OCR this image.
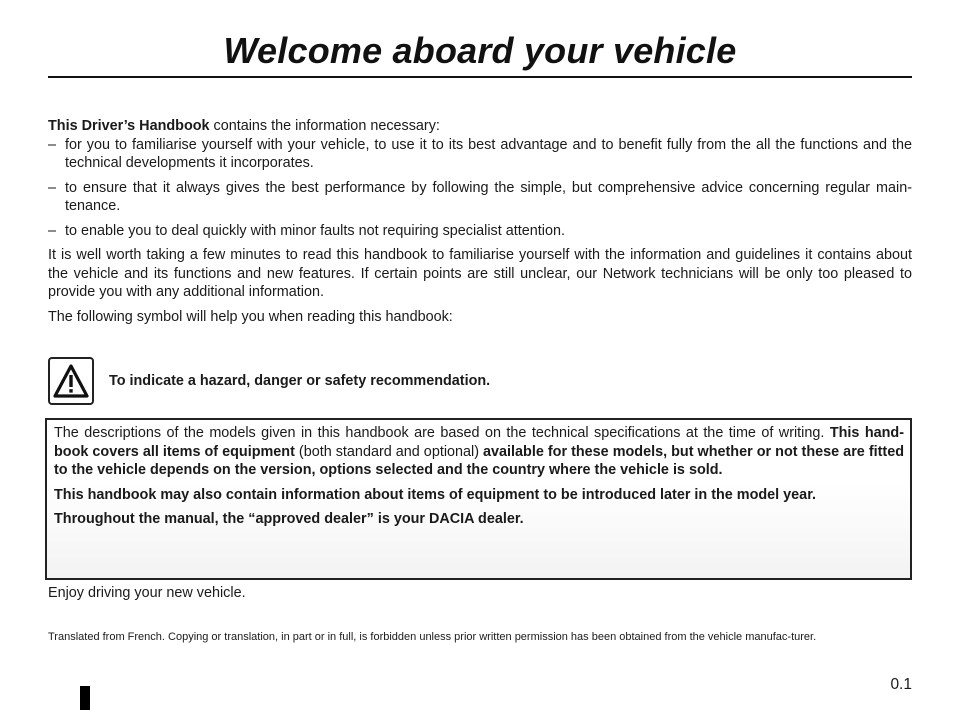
Welcome aboard your vehicle

This Driver’s Handbook contains the information necessary:

– for you to familiarise yourself with your vehicle, to use it to its best advantage and to benefit fully from the all the functions and the technical developments it incorporates.
– to ensure that it always gives the best performance by following the simple, but comprehensive advice concerning regular main-tenance.
– to enable you to deal quickly with minor faults not requiring specialist attention.

It is well worth taking a few minutes to read this handbook to familiarise yourself with the information and guidelines it contains about the vehicle and its functions and new features. If certain points are still unclear, our Network technicians will be only too pleased to provide you with any additional information.

The following symbol will help you when reading this handbook:

To indicate a hazard, danger or safety recommendation.

The descriptions of the models given in this handbook are based on the technical specifications at the time of writing. This hand-book covers all items of equipment (both standard and optional) available for these models, but whether or not these are fitted to the vehicle depends on the version, options selected and the country where the vehicle is sold.

This handbook may also contain information about items of equipment to be introduced later in the model year.

Throughout the manual, the “approved dealer” is your DACIA dealer.

Enjoy driving your new vehicle.

Translated from French. Copying or translation, in part or in full, is forbidden unless prior written permission has been obtained from the vehicle manufac-turer.

0.1
